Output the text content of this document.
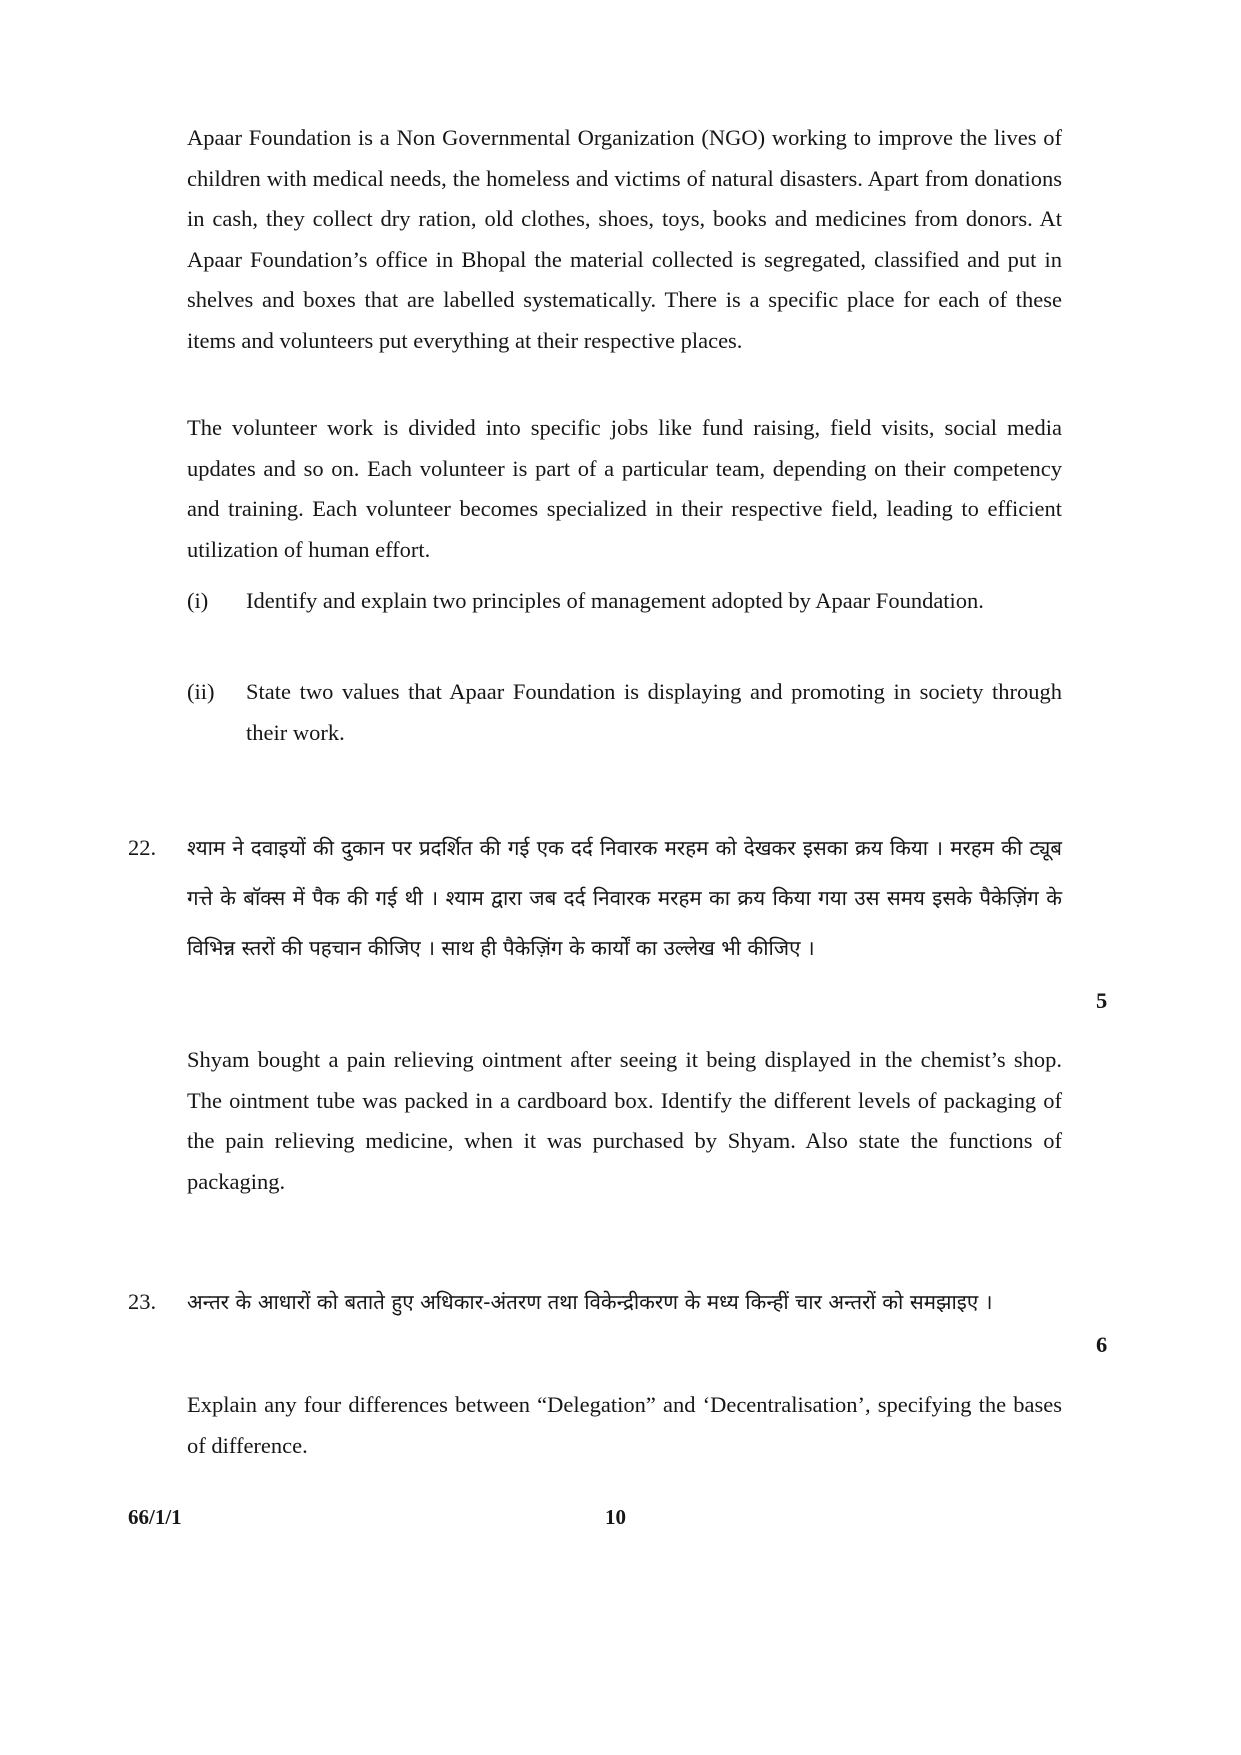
Apaar Foundation is a Non Governmental Organization (NGO) working to improve the lives of children with medical needs, the homeless and victims of natural disasters. Apart from donations in cash, they collect dry ration, old clothes, shoes, toys, books and medicines from donors. At Apaar Foundation’s office in Bhopal the material collected is segregated, classified and put in shelves and boxes that are labelled systematically. There is a specific place for each of these items and volunteers put everything at their respective places.

The volunteer work is divided into specific jobs like fund raising, field visits, social media updates and so on. Each volunteer is part of a particular team, depending on their competency and training. Each volunteer becomes specialized in their respective field, leading to efficient utilization of human effort.

(i) Identify and explain two principles of management adopted by Apaar Foundation.

(ii) State two values that Apaar Foundation is displaying and promoting in society through their work.

22. श्याम ने दवाइयों की दुकान पर प्रदर्शित की गई एक दर्द निवारक मरहम को देखकर इसका क्रय किया । मरहम की ट्यूब गत्ते के बॉक्स में पैक की गई थी । श्याम द्वारा जब दर्द निवारक मरहम का क्रय किया गया उस समय इसके पैकेज़िंग के विभिन्न स्तरों की पहचान कीजिए । साथ ही पैकेज़िंग के कार्यों का उल्लेख भी कीजिए ।

5

Shyam bought a pain relieving ointment after seeing it being displayed in the chemist’s shop. The ointment tube was packed in a cardboard box. Identify the different levels of packaging of the pain relieving medicine, when it was purchased by Shyam. Also state the functions of packaging.

23. अन्तर के आधारों को बताते हुए अधिकार-अंतरण तथा विकेन्द्रीकरण के मध्य किन्हीं चार अन्तरों को समझाइए ।

6

Explain any four differences between “Delegation” and ‘Decentralisation’, specifying the bases of difference.

66/1/1	10
